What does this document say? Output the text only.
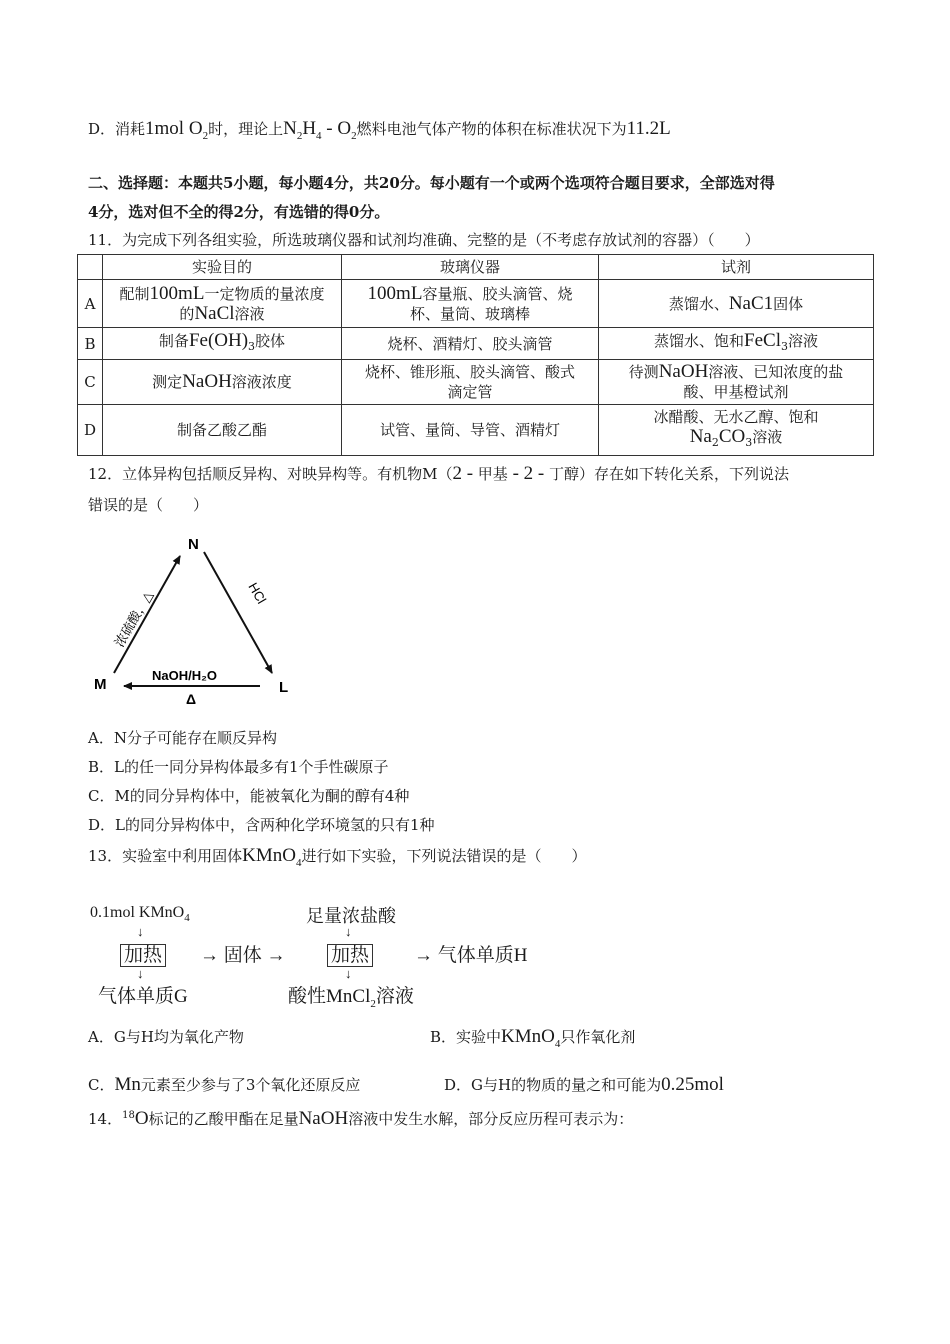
D．消耗1mol $O_2$时，理论上$N_2H_4 - O_2$燃料电池气体产物的体积在标准状况下为11.2L
二、选择题：本题共5小题，每小题4分，共20分。每小题有一个或两个选项符合题目要求，全部选对得
4分，选对但不全的得2分，有选错的得0分。
11．为完成下列各组实验，所选玻璃仪器和试剂均准确、完整的是（不考虑存放试剂的容器）（　　）
	实验目的	玻璃仪器	试剂
A	配制100mL一定物质的量浓度
的NaCl溶液	100mL容量瓶、胶头滴管、烧
杯、量筒、玻璃棒	蒸馏水、NaC1固体
B	制备$Fe(OH)_3$胶体	烧杯、酒精灯、胶头滴管	蒸馏水、饱和FeCl$_3$溶液
C	测定NaOH溶液浓度	烧杯、锥形瓶、胶头滴管、酸式
滴定管	待测NaOH溶液、已知浓度的盐
酸、甲基橙试剂
D	制备乙酸乙酯	试管、量筒、导管、酒精灯	冰醋酸、无水乙醇、饱和
$Na_2CO_3$溶液
12．立体异构包括顺反异构、对映异构等。有机物M（2 - 甲基 - 2 - 丁醇）存在如下转化关系，下列说法
错误的是（　　）
N
M	L
浓硫酸，△	HCl
NaOH/H₂O
Δ
A．N分子可能存在顺反异构
B．L的任一同分异构体最多有1个手性碳原子
C．M的同分异构体中，能被氧化为酮的醇有4种
D．L的同分异构体中，含两种化学环境氢的只有1种
13．实验室中利用固体KMnO$_4$进行如下实验，下列说法错误的是（　　）
0.1mol KMnO$_4$
↓
加热 → 固体 →
↓
气体单质G
足量浓盐酸
↓
加热 → 气体单质H
↓
酸性MnCl$_2$溶液
A．G与H均为氧化产物	B．实验中KMnO$_4$只作氧化剂
C．Mn元素至少参与了3个氧化还原反应	D．G与H的物质的量之和可能为0.25mol
14．$^{18}$O标记的乙酸甲酯在足量NaOH溶液中发生水解，部分反应历程可表示为：
